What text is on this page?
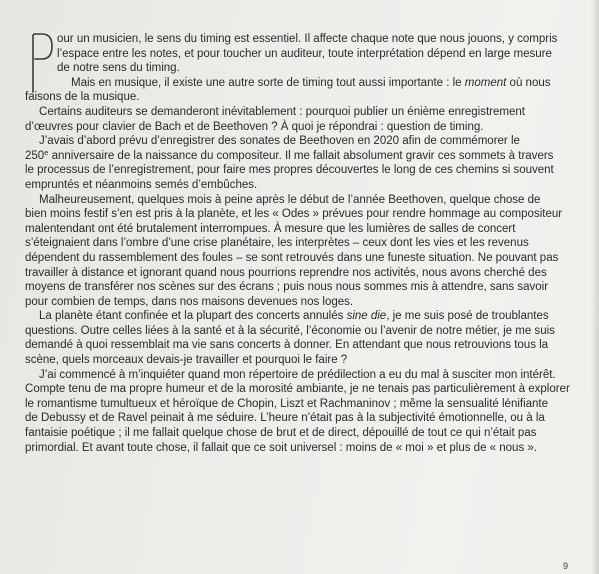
our un musicien, le sens du timing est essentiel. Il affecte chaque note que nous jouons, y compris
l’espace entre les notes, et pour toucher un auditeur, toute interprétation dépend en large mesure
de notre sens du timing.
Mais en musique, il existe une autre sorte de timing tout aussi importante : le moment où nous
faisons de la musique.
Certains auditeurs se demanderont inévitablement : pourquoi publier un énième enregistrement
d’œuvres pour clavier de Bach et de Beethoven ? À quoi je répondrai : question de timing.
J’avais d’abord prévu d’enregistrer des sonates de Beethoven en 2020 afin de commémorer le
250e anniversaire de la naissance du compositeur. Il me fallait absolument gravir ces sommets à travers
le processus de l’enregistrement, pour faire mes propres découvertes le long de ces chemins si souvent
empruntés et néanmoins semés d’embûches.
Malheureusement, quelques mois à peine après le début de l’année Beethoven, quelque chose de
bien moins festif s’en est pris à la planète, et les « Odes » prévues pour rendre hommage au compositeur
malentendant ont été brutalement interrompues. À mesure que les lumières de salles de concert
s’éteignaient dans l’ombre d’une crise planétaire, les interprètes – ceux dont les vies et les revenus
dépendent du rassemblement des foules – se sont retrouvés dans une funeste situation. Ne pouvant pas
travailler à distance et ignorant quand nous pourrions reprendre nos activités, nous avons cherché des
moyens de transférer nos scènes sur des écrans ; puis nous nous sommes mis à attendre, sans savoir
pour combien de temps, dans nos maisons devenues nos loges.
La planète étant confinée et la plupart des concerts annulés sine die, je me suis posé de troublantes
questions. Outre celles liées à la santé et à la sécurité, l’économie ou l’avenir de notre métier, je me suis
demandé à quoi ressemblait ma vie sans concerts à donner. En attendant que nous retrouvions tous la
scène, quels morceaux devais-je travailler et pourquoi le faire ?
J’ai commencé à m’inquiéter quand mon répertoire de prédilection a eu du mal à susciter mon intérêt.
Compte tenu de ma propre humeur et de la morosité ambiante, je ne tenais pas particulièrement à explorer
le romantisme tumultueux et héroïque de Chopin, Liszt et Rachmaninov ; même la sensualité lénifiante
de Debussy et de Ravel peinait à me séduire. L’heure n’était pas à la subjectivité émotionnelle, ou à la
fantaisie poétique ; il me fallait quelque chose de brut et de direct, dépouillé de tout ce qui n’était pas
primordial. Et avant toute chose, il fallait que ce soit universel : moins de « moi » et plus de « nous ».
9
